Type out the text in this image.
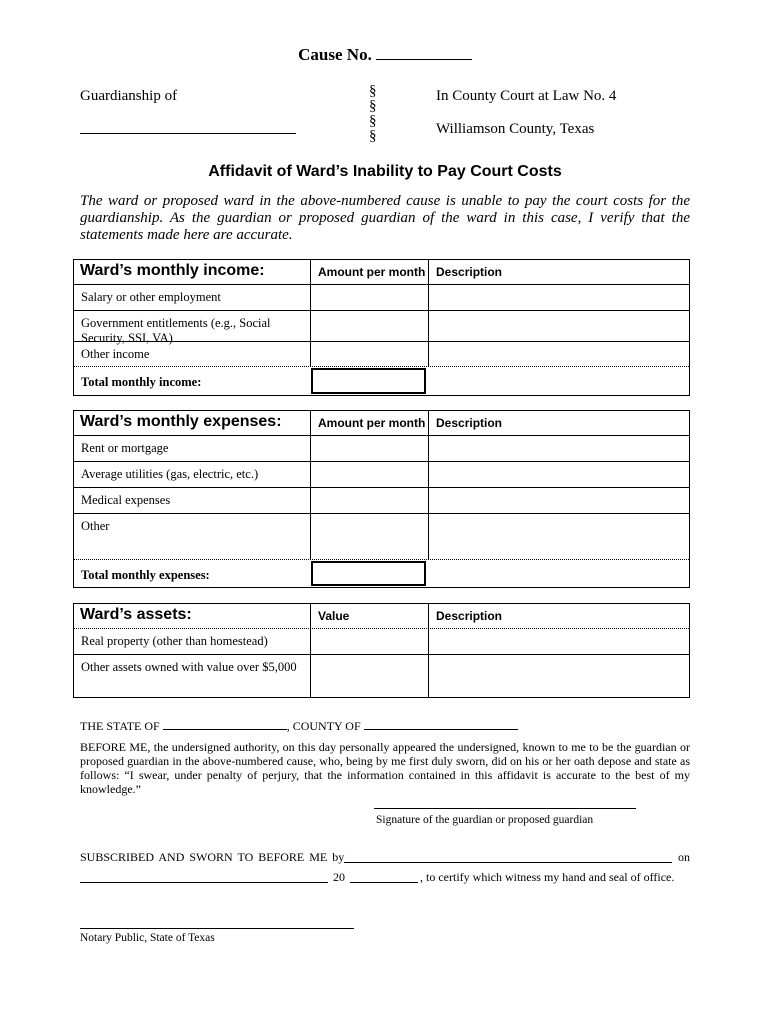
Cause No.
Guardianship of	§
§
§
§
In County Court at Law No. 4
Williamson County, Texas
Affidavit of Ward’s Inability to Pay Court Costs
The ward or proposed ward in the above-numbered cause is unable to pay the court costs for the guardianship. As the guardian or proposed guardian of the ward in this case, I verify that the statements made here are accurate.
Ward’s monthly income:	Amount per month Description
Salary or other employment
Government entitlements (e.g., Social Security, SSI, VA)
Other income
Total monthly income:
Ward’s monthly expenses:	Amount per month Description
Rent or mortgage
Average utilities (gas, electric, etc.)
Medical expenses
Other
Total monthly expenses:
Ward’s assets:	Value	Description
Real property (other than homestead)
Other assets owned with value over $5,000
THE STATE OF	, COUNTY OF
BEFORE ME, the undersigned authority, on this day personally appeared the undersigned, known to me to be the guardian or proposed guardian in the above-numbered cause, who, being by me first duly sworn, did on his or her oath depose and state as follows: “I swear, under penalty of perjury, that the information contained in this affidavit is accurate to the best of my knowledge.”
Signature of the guardian or proposed guardian
SUBSCRIBED AND SWORN TO BEFORE ME by	on
20	, to certify which witness my hand and seal of office.
Notary Public, State of Texas
